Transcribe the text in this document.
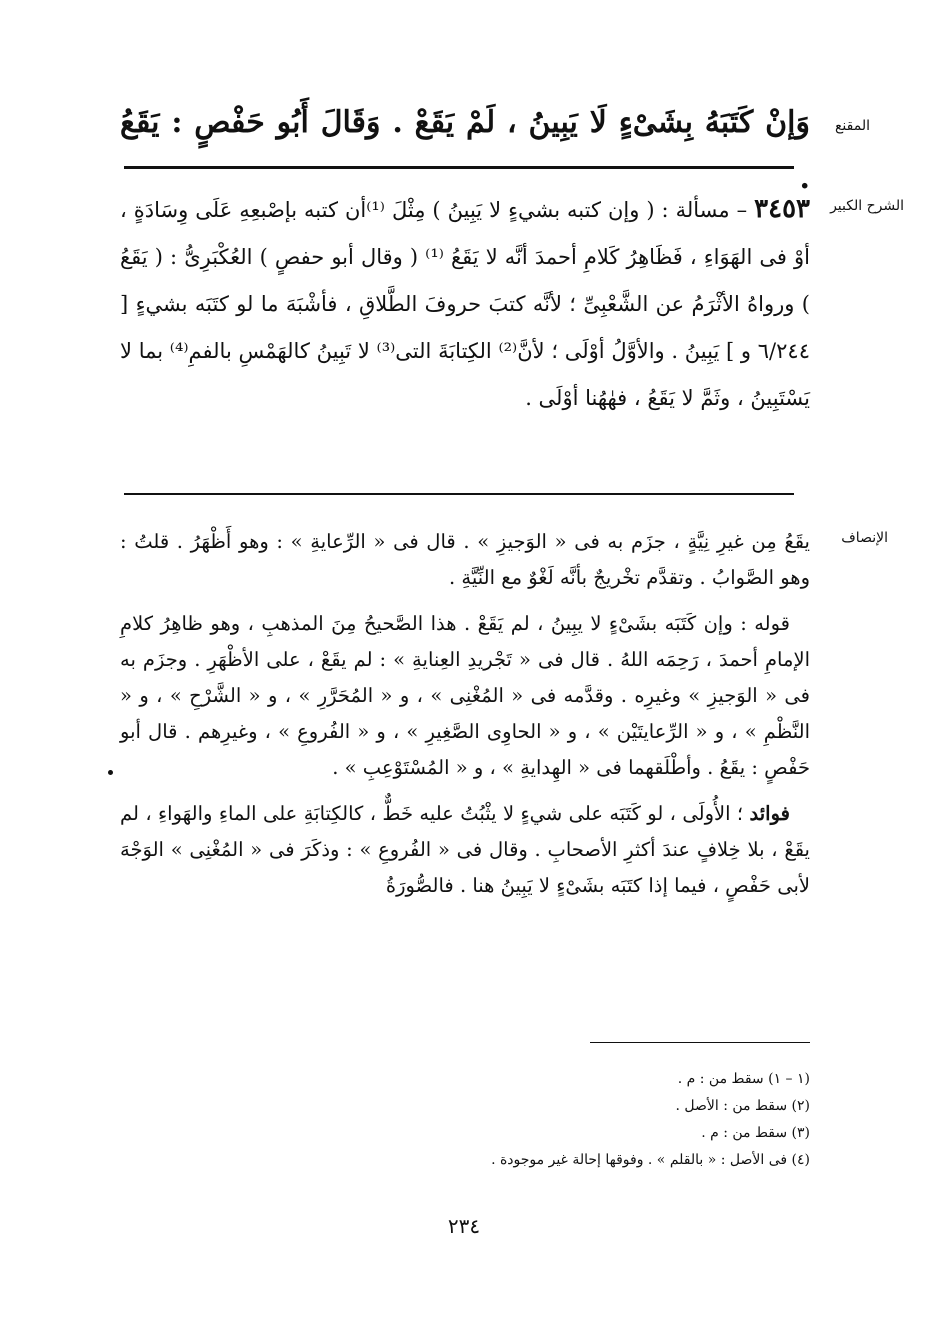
المقنع
وَإنْ كَتَبَهُ بِشَىْءٍ لَا يَبِينُ ، لَمْ يَقَعْ . وَقَالَ أَبُو حَفْصٍ : يَقَعُ .
الشرح الكبير
٣٤٥٣ – مسألة : ( وإن كتبه بشيءٍ لا يَبِينُ ) مِثْلَ ⁽¹⁾أن كتبه بإصْبعِهِ عَلَى وِسَادَةٍ ، أوْ فى الهَوَاءِ ، فَظَاهِرُ كَلامِ أحمدَ أنَّه لا يَقَعُ ⁽¹⁾ ( وقال أبو حفصٍ ) العُكْبَرِىُّ : ( يَقَعُ ) ورواهُ الأثْرَمُ عن الشَّعْبِىِّ ؛ لأنَّه كتبَ حروفَ الطَّلاقِ ، فأشْبَهَ ما لو كتَبَه بشيءٍ [ ٦/٢٤٤ و ] يَبِينُ . والأوَّلُ أوْلَى ؛ لأنَّ⁽²⁾ الكِتابَةَ التى⁽³⁾ لا تَبِينُ كالهَمْسِ بالفمِ⁽⁴⁾ بما لا يَسْتَبِينُ ، وثَمَّ لا يَقَعُ ، فهٰهُنا أوْلَى .
الإنصاف

يقَعُ مِن غيرِ نِيَّةٍ ، جزَم به فى « الوَجيزِ » . قال فى « الرِّعايةِ » : وهو أَظْهَرُ . قلتُ : وهو الصَّوابُ . وتقدَّم تخْريجٌ بأنَّه لَغْوٌ مع النِّيَّةِ .

قوله : وإن كَتَبَه بشَىْءٍ لا يبِينُ ، لم يَقَعْ . هذا الصَّحيحُ مِنَ المذهبِ ، وهو ظاهِرُ كلامِ الإمامِ أحمدَ ، رَحِمَه اللهُ . قال فى « تَجْريدِ العِنايةِ » : لم يقَعْ ، على الأظْهَرِ . وجزَم به فى « الوَجيزِ » وغيرِه . وقدَّمه فى « المُغْنِى » ، و « المُحَرَّرِ » ، و « الشَّرْحِ » ، و « النَّظْمِ » ، و « الرِّعايتَيْن » ، و « الحاوِى الصَّغِيرِ » ، و « الفُروعِ » ، وغيرِهم . قال أبو حَفْصٍ : يقَعُ . وأطْلَقهما فى « الهِدايةِ » ، و « المُسْتَوْعِبِ » .

فوائد ؛ الأُولَى ، لو كَتَبَه على شيءٍ لا يثْبُتُ عليه خَطٌّ ، كالكِتابَةِ على الماءِ والهَواءِ ، لم يقَعْ ، بلا خِلافٍ عندَ أكثرِ الأصحابِ . وقال فى « الفُروعِ » : وذكَرَ فى « المُغْنِى » الوَجْهَ لأبى حَفْصٍ ، فيما إذا كتَبَه بشَىْءٍ لا يَبِينُ هنا . فالصُّورَةُ

(١ – ١) سقط من : م .
(٢) سقط من : الأصل .
(٣) سقط من : م .
(٤) فى الأصل : « بالقلم » . وفوقها إحالة غير موجودة .
٢٣٤
